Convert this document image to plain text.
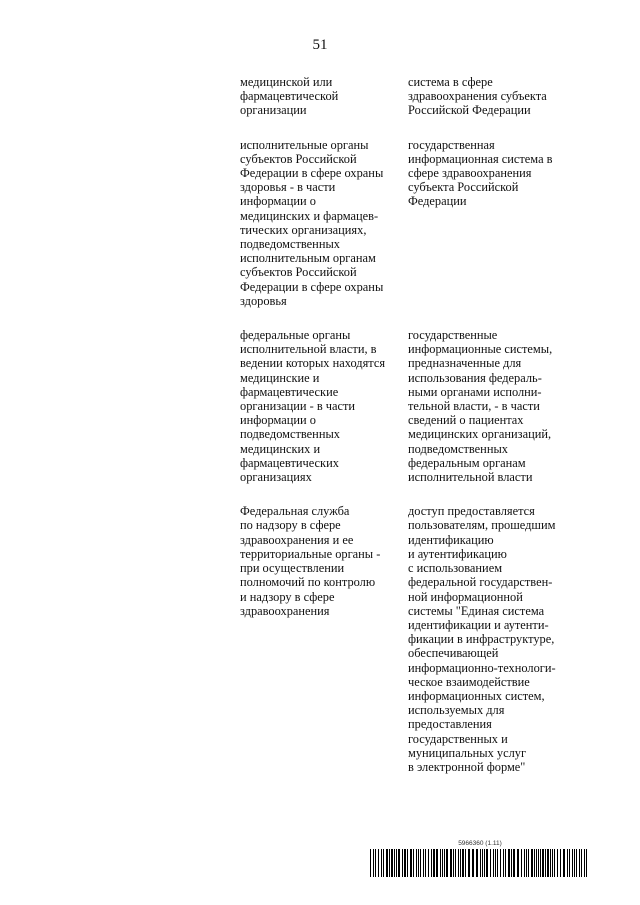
51
медицинской или
фармацевтической
организации
система в сфере
здравоохранения субъекта
Российской Федерации
исполнительные органы
субъектов Российской
Федерации в сфере охраны
здоровья - в части
информации о
медицинских и фармацев-
тических организациях,
подведомственных
исполнительным органам
субъектов Российской
Федерации в сфере охраны
здоровья
государственная
информационная система в
сфере здравоохранения
субъекта Российской
Федерации
федеральные органы
исполнительной власти, в
ведении которых находятся
медицинские и
фармацевтические
организации - в части
информации о
подведомственных
медицинских и
фармацевтических
организациях
государственные
информационные системы,
предназначенные для
использования федераль-
ными органами исполни-
тельной власти, - в части
сведений о пациентах
медицинских организаций,
подведомственных
федеральным органам
исполнительной власти
Федеральная служба
по надзору в сфере
здравоохранения и ее
территориальные органы -
при осуществлении
полномочий по контролю
и надзору в сфере
здравоохранения
доступ предоставляется
пользователям, прошедшим
идентификацию
и аутентификацию
с использованием
федеральной государствен-
ной информационной
системы "Единая система
идентификации и аутенти-
фикации в инфраструктуре,
обеспечивающей
информационно-технологи-
ческое взаимодействие
информационных систем,
используемых для
предоставления
государственных и
муниципальных услуг
в электронной форме"
5966360 (1.11)
